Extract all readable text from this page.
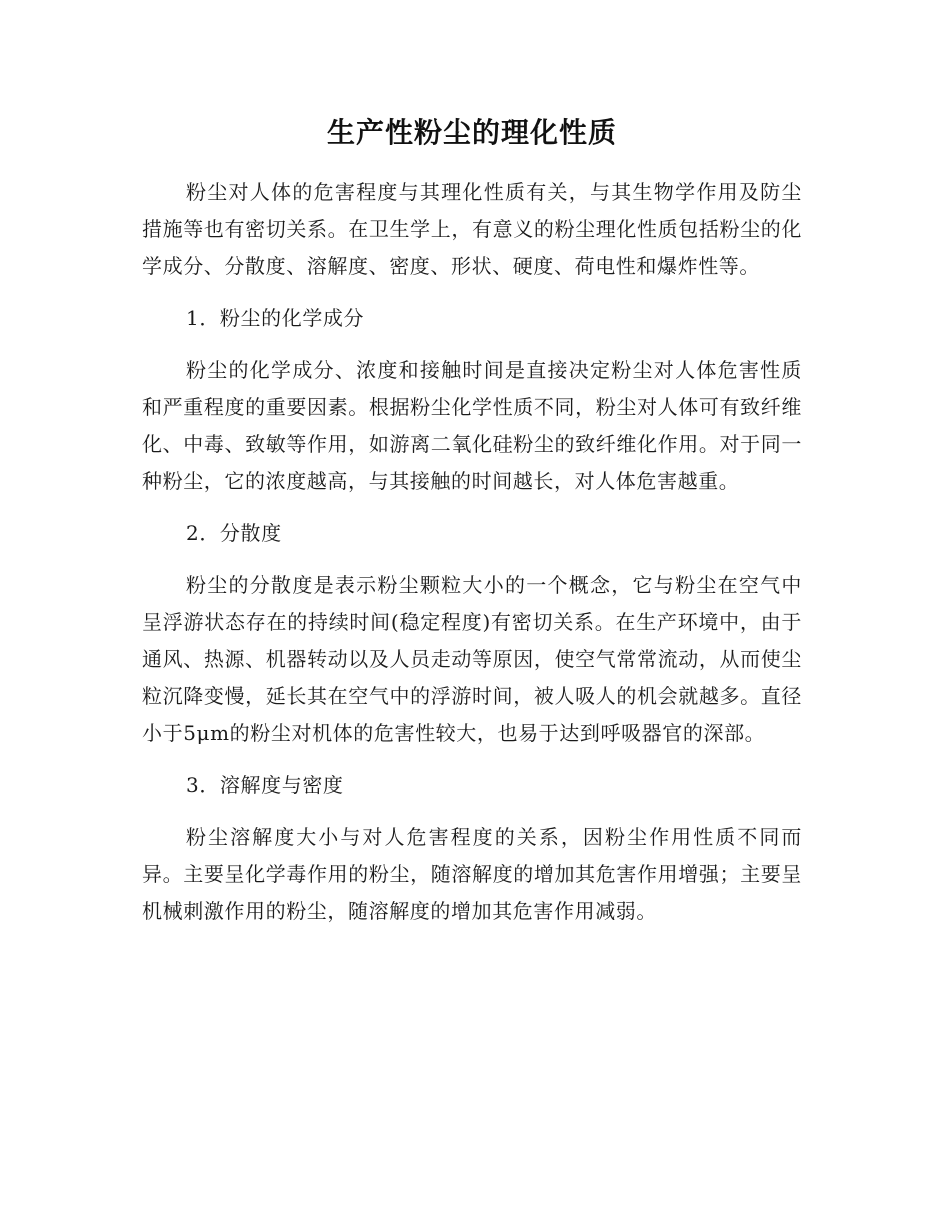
生产性粉尘的理化性质

粉尘对人体的危害程度与其理化性质有关，与其生物学作用及防尘措施等也有密切关系。在卫生学上，有意义的粉尘理化性质包括粉尘的化学成分、分散度、溶解度、密度、形状、硬度、荷电性和爆炸性等。

1．粉尘的化学成分

粉尘的化学成分、浓度和接触时间是直接决定粉尘对人体危害性质和严重程度的重要因素。根据粉尘化学性质不同，粉尘对人体可有致纤维化、中毒、致敏等作用，如游离二氧化硅粉尘的致纤维化作用。对于同一种粉尘，它的浓度越高，与其接触的时间越长，对人体危害越重。

2．分散度

粉尘的分散度是表示粉尘颗粒大小的一个概念，它与粉尘在空气中呈浮游状态存在的持续时间(稳定程度)有密切关系。在生产环境中，由于通风、热源、机器转动以及人员走动等原因，使空气常常流动，从而使尘粒沉降变慢，延长其在空气中的浮游时间，被人吸人的机会就越多。直径小于5μm的粉尘对机体的危害性较大，也易于达到呼吸器官的深部。

3．溶解度与密度

粉尘溶解度大小与对人危害程度的关系，因粉尘作用性质不同而异。主要呈化学毒作用的粉尘，随溶解度的增加其危害作用增强；主要呈机械刺激作用的粉尘，随溶解度的增加其危害作用减弱。
